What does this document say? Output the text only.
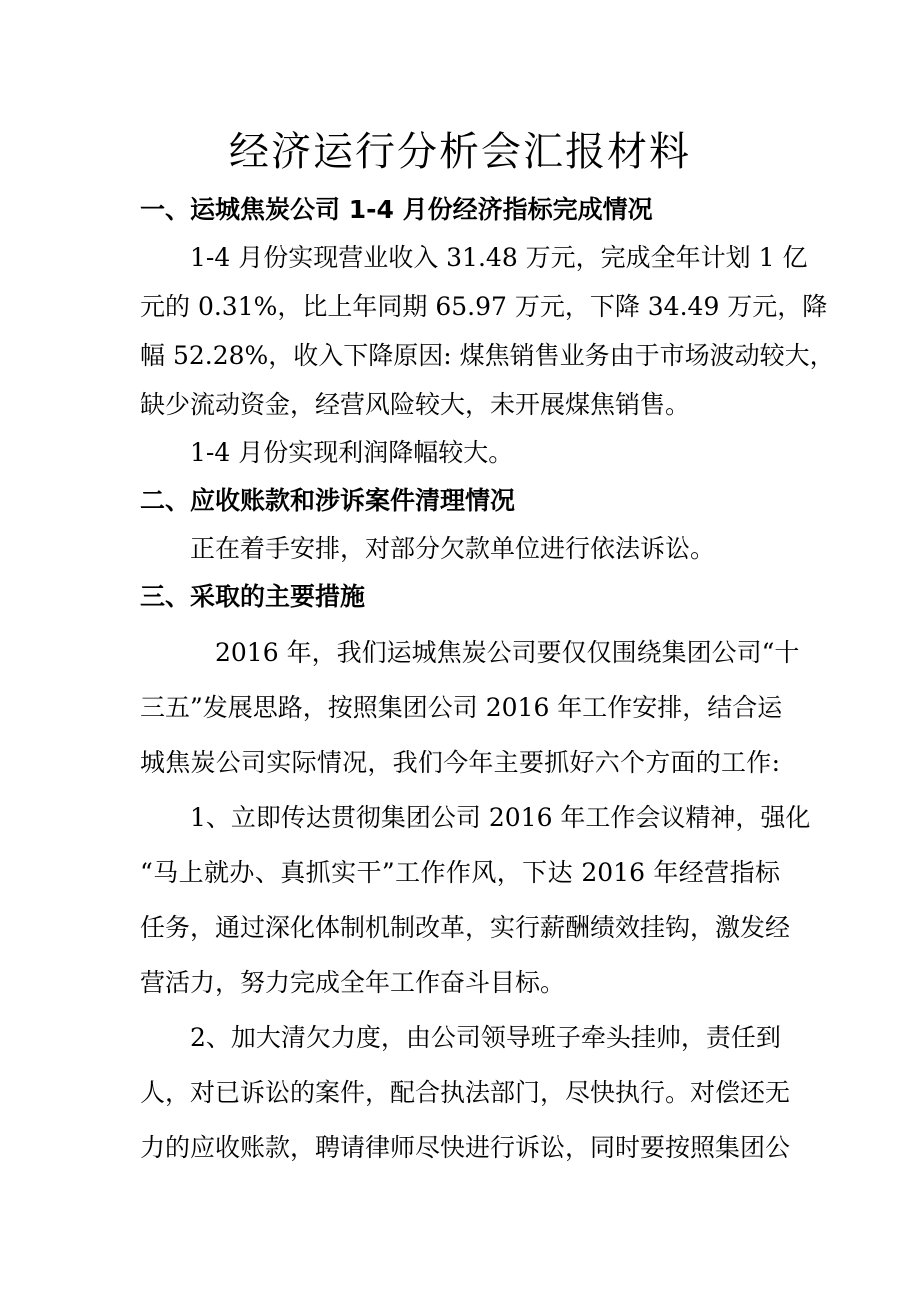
经济运行分析会汇报材料
一、运城焦炭公司 1-4 月份经济指标完成情况
1-4 月份实现营业收入 31.48 万元，完成全年计划 1 亿
元的 0.31%，比上年同期 65.97 万元，下降 34.49 万元，降
幅 52.28%，收入下降原因: 煤焦销售业务由于市场波动较大，
缺少流动资金，经营风险较大，未开展煤焦销售。
1-4 月份实现利润降幅较大。
二、应收账款和涉诉案件清理情况
正在着手安排，对部分欠款单位进行依法诉讼。
三、采取的主要措施
2016 年，我们运城焦炭公司要仅仅围绕集团公司“十
三五”发展思路，按照集团公司 2016 年工作安排，结合运
城焦炭公司实际情况，我们今年主要抓好六个方面的工作:
1、立即传达贯彻集团公司 2016 年工作会议精神，强化
“马上就办、真抓实干”工作作风，下达 2016 年经营指标
任务，通过深化体制机制改革，实行薪酬绩效挂钩，激发经
营活力，努力完成全年工作奋斗目标。
2、加大清欠力度，由公司领导班子牵头挂帅，责任到
人，对已诉讼的案件，配合执法部门，尽快执行。对偿还无
力的应收账款，聘请律师尽快进行诉讼，同时要按照集团公
